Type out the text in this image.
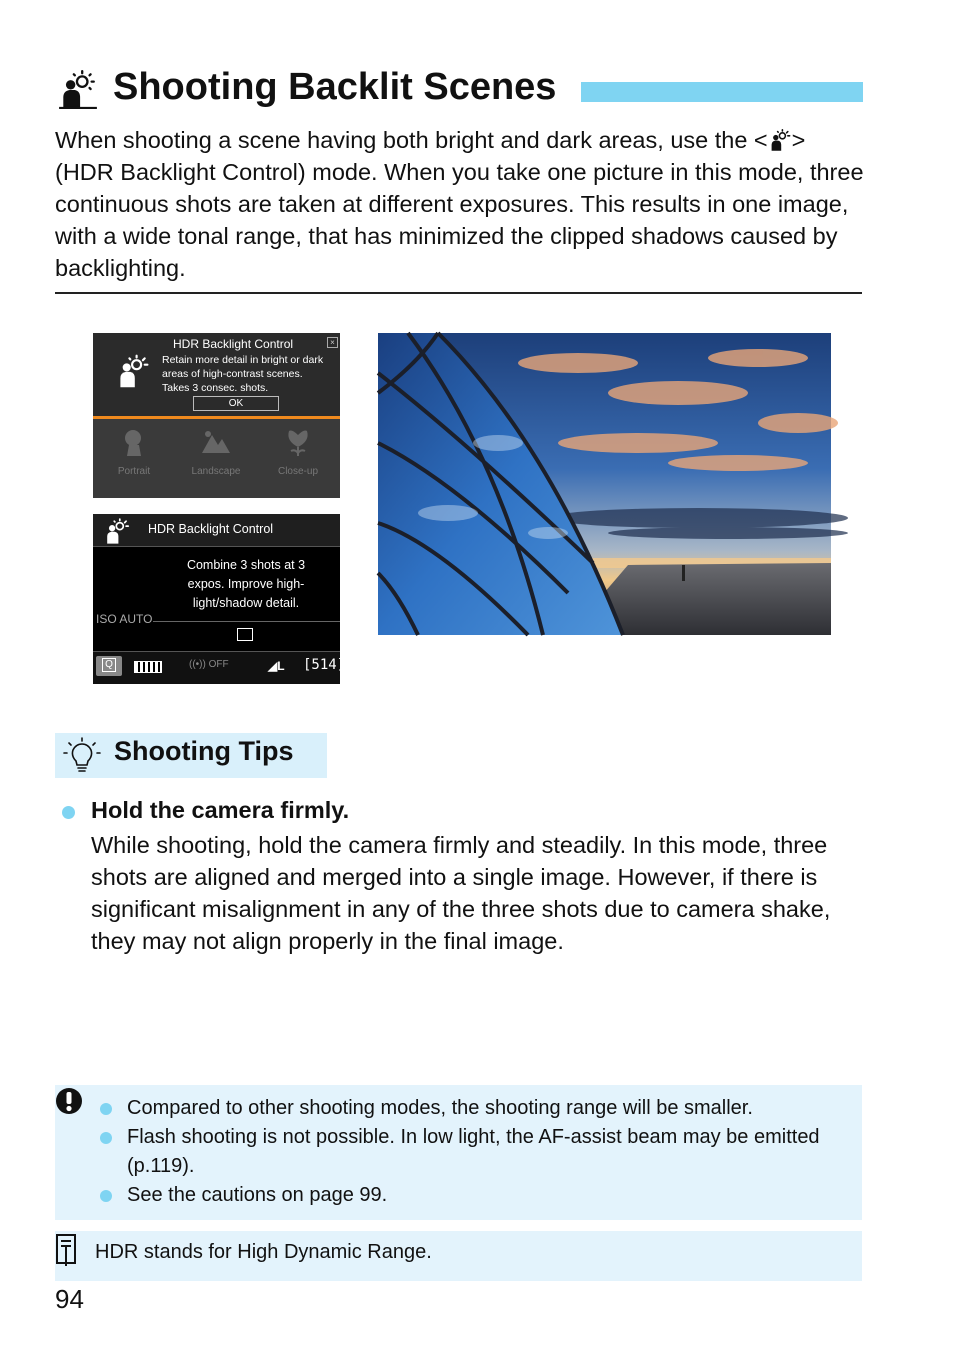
Shooting Backlit Scenes
When shooting a scene having both bright and dark areas, use the < > (HDR Backlight Control) mode. When you take one picture in this mode, three continuous shots are taken at different exposures. This results in one image, with a wide tonal range, that has minimized the clipped shadows caused by backlighting.
HDR Backlight Control
Retain more detail in bright or dark areas of high-contrast scenes. Takes 3 consec. shots.
OK
×
Portrait	Landscape	Close-up
HDR Backlight Control
Combine 3 shots at 3 expos. Improve high-light/shadow detail.
ISO AUTO
Q	((•)) OFF	◢L [514]
Shooting Tips
Hold the camera firmly.
While shooting, hold the camera firmly and steadily. In this mode, three shots are aligned and merged into a single image. However, if there is significant misalignment in any of the three shots due to camera shake, they may not align properly in the final image.
Compared to other shooting modes, the shooting range will be smaller.
Flash shooting is not possible. In low light, the AF-assist beam may be emitted (p.119).
See the cautions on page 99.
HDR stands for High Dynamic Range.
94
